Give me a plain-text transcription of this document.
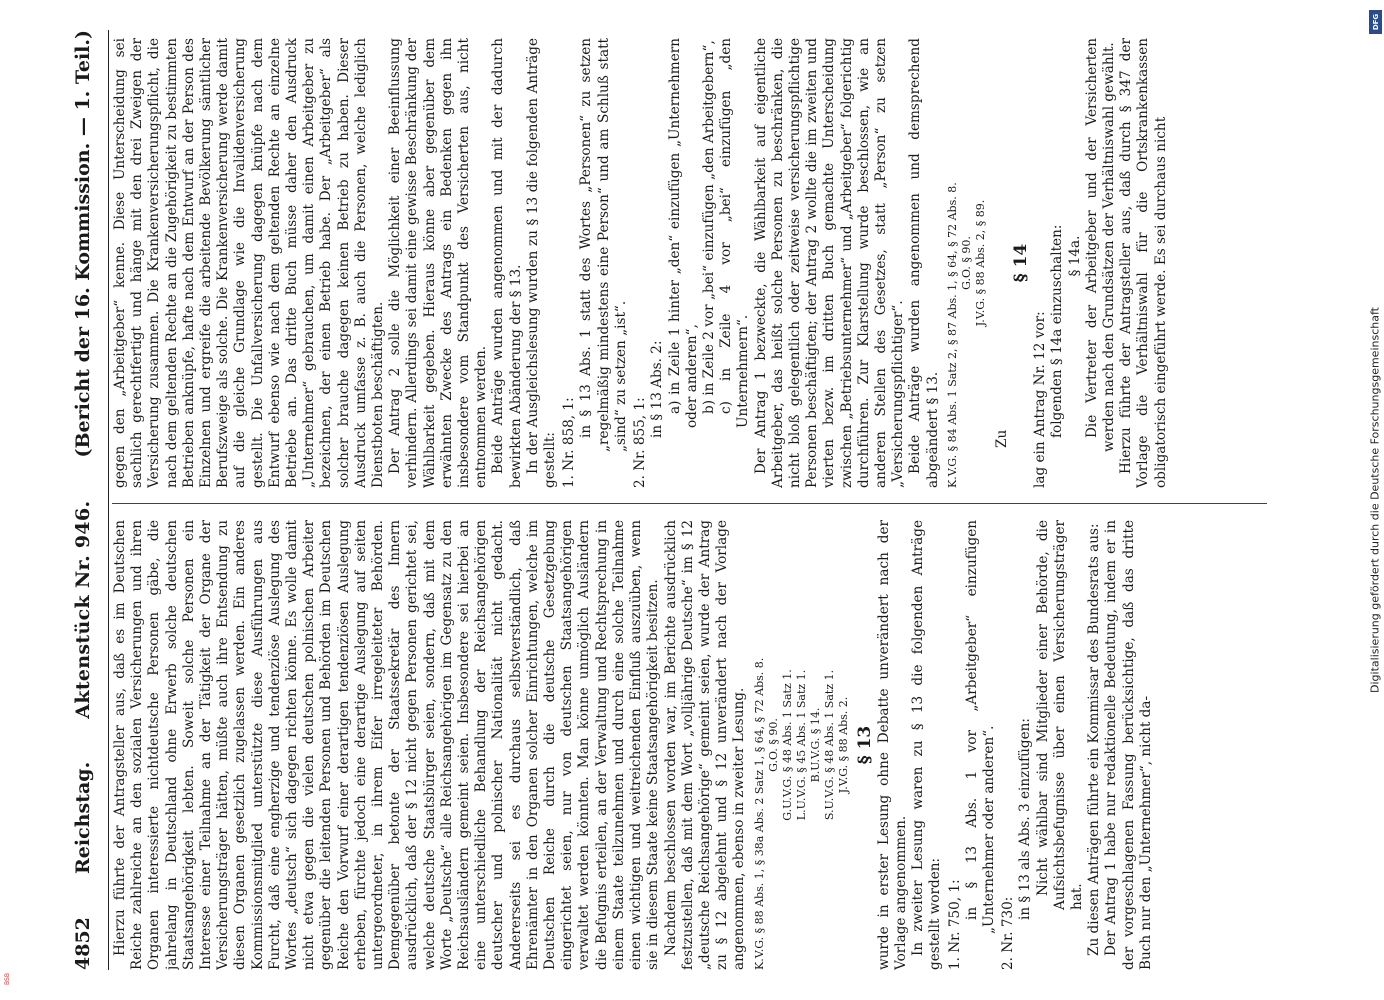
4852
Reichstag.
Aktenstück Nr. 946.
(Bericht der 16. Kommission. — 1. Teil.)

Hierzu führte der Antragsteller aus, daß es im Deutschen Reiche zahlreiche an den sozialen Versicherungen und ihren Organen interessierte nichtdeutsche Personen gäbe, die jahrelang in Deutschland ohne Erwerb solche deutschen Staatsangehörigkeit lebten. Soweit solche Personen ein Interesse einer Teilnahme an der Tätigkeit der Organe der Versicherungsträger hätten, müßte auch ihre Entsendung zu diesen Organen gesetzlich zugelassen werden. Ein anderes Kommissionsmitglied unterstützte diese Ausführungen aus Furcht, daß eine engherzige und tendenziöse Auslegung des Wortes „deutsch“ sich dagegen richten könne. Es wolle damit nicht etwa gegen die vielen deutschen polnischen Arbeiter gegenüber die leitenden Personen und Behörden im Deutschen Reiche den Vorwurf einer derartigen tendenziösen Auslegung erheben, fürchte jedoch eine derartige Auslegung auf seiten untergeordneter, in ihrem Eifer irregeleiteter Behörden. Demgegenüber betonte der Staatssekretär des Innern ausdrücklich, daß der § 12 nicht gegen Personen gerichtet sei, welche deutsche Staatsbürger seien, sondern, daß mit dem Worte „Deutsche“ alle Reichsangehörigen im Gegensatz zu den Reichsausländern gemeint seien. Insbesondere sei hierbei an eine unterschiedliche Behandlung der Reichsangehörigen deutscher und polnischer Nationalität nicht gedacht. Andererseits sei es durchaus selbstverständlich, daß Ehrenämter in den Organen solcher Einrichtungen, welche im Deutschen Reiche durch die deutsche Gesetzgebung eingerichtet seien, nur von deutschen Staatsangehörigen verwaltet werden könnten. Man könne unmöglich Ausländern die Befugnis erteilen, an der Verwaltung und Rechtsprechung in einem Staate teilzunehmen und durch eine solche Teilnahme einen wichtigen und weitreichenden Einfluß auszuüben, wenn sie in diesem Staate keine Staatsangehörigkeit besitzen. Nachdem beschlossen worden war, im Berichte ausdrücklich festzustellen, daß mit dem Wort „volljährige Deutsche“ im § 12 „deutsche Reichsangehörige“ gemeint seien, wurde der Antrag zu § 12 abgelehnt und § 12 unverändert nach der Vorlage angenommen, ebenso in zweiter Lesung. K.V.G. § 88 Abs. 1, § 38a Abs. 2 Satz 1, § 64, § 72 Abs. 8. G.O. § 90. G.U.V.G. § 48 Abs. 1 Satz 1. L.U.V.G. § 45 Abs. 1 Satz 1. B.U.V.G. § 14. S.U.V.G. § 48 Abs. 1 Satz 1. J.V.G. § 88 Abs. 2. § 13 wurde in erster Lesung ohne Debatte unverändert nach der Vorlage angenommen. In zweiter Lesung waren zu § 13 die folgenden Anträge gestellt worden: 1. Nr. 750, 1:

in § 13 Abs. 1 vor „Arbeitgeber“ einzufügen „Unternehmer oder anderen“. 2. Nr. 730:

in § 13 als Abs. 3 einzufügen: Nicht wählbar sind Mitglieder einer Behörde, die Aufsichtsbefugnisse über einen Versicherungsträger hat. Zu diesen Anträgen führte ein Kommissar des Bundesrats aus: Der Antrag 1 habe nur redaktionelle Bedeutung, indem er in der vorgeschlagenen Fassung berücksichtige, daß das dritte Buch nur den „Unternehmer“, nicht da-

gegen den „Arbeitgeber“ kenne. Diese Unterscheidung sei sachlich gerechtfertigt und hänge mit den drei Zweigen der Versicherung zusammen. Die Krankenversicherungspflicht, die nach dem geltenden Rechte an die Zugehörigkeit zu bestimmten Betrieben anknüpfe, hafte nach dem Entwurf an der Person des Einzelnen und ergreife die arbeitende Bevölkerung sämtlicher Berufszweige als solche. Die Krankenversicherung werde damit auf die gleiche Grundlage wie die Invalidenversicherung gestellt. Die Unfallversicherung dagegen knüpfe nach dem Entwurf ebenso wie nach dem geltenden Rechte an einzelne Betriebe an. Das dritte Buch müsse daher den Ausdruck „Unternehmer“ gebrauchen, um damit einen Arbeitgeber zu bezeichnen, der einen Betrieb habe. Der „Arbeitgeber“ als solcher brauche dagegen keinen Betrieb zu haben. Dieser Ausdruck umfasse z. B. auch die Personen, welche lediglich Dienstboten beschäftigten. Der Antrag 2 solle die Möglichkeit einer Beeinflussung verhindern. Allerdings sei damit eine gewisse Beschränkung der Wählbarkeit gegeben. Hieraus könne aber gegenüber dem erwähnten Zwecke des Antrags ein Bedenken gegen ihn insbesondere vom Standpunkt des Versicherten aus, nicht entnommen werden. Beide Anträge wurden angenommen und mit der dadurch bewirkten Abänderung der § 13. In der Ausgleichslesung wurden zu § 13 die folgenden Anträge gestellt: 1. Nr. 858, 1:

in § 13 Abs. 1 statt des Wortes „Personen“ zu setzen „regelmäßig mindestens eine Person“ und am Schluß statt „sind“ zu setzen „ist“. 2. Nr. 855, 1:

in § 13 Abs. 2: a) in Zeile 1 hinter „den“ einzufügen „Unternehmern oder anderen“, b) in Zeile 2 vor „bei“ einzufügen „den Arbeitgebern“, c) in Zeile 4 vor „bei“ einzufügen „den Unternehmern“. Der Antrag 1 bezweckte, die Wählbarkeit auf eigentliche Arbeitgeber, das heißt solche Personen zu beschränken, die nicht bloß gelegentlich oder zeitweise versicherungspflichtige Personen beschäftigten; der Antrag 2 wollte die im zweiten und vierten bezw. im dritten Buch gemachte Unterscheidung zwischen „Betriebsunternehmer“ und „Arbeitgeber“ folgerichtig durchführen. Zur Klarstellung wurde beschlossen, wie an anderen Stellen des Gesetzes, statt „Person“ zu setzen „Versicherungspflichtiger“. Beide Anträge wurden angenommen und demsprechend abgeändert § 13. K.V.G. § 84 Abs. 1 Satz 2, § 87 Abs. 1, § 64, § 72 Abs. 8. G.O. § 90. J.V.G. § 88 Abs. 2, § 89.

Zu

§ 14

lag ein Antrag Nr. 12 vor: folgenden § 14a einzuschalten: § 14a. Die Vertreter der Arbeitgeber und der Versicherten werden nach den Grundsätzen der Verhältniswahl gewählt. Hierzu führte der Antragsteller aus, daß durch § 347 der Vorlage die Verhältniswahl für die Ortskrankenkassen obligatorisch eingeführt werde. Es sei durchaus nicht

DFG
Digitalisierung gefördert durch die Deutsche Forschungsgemeinschaft
BSB
